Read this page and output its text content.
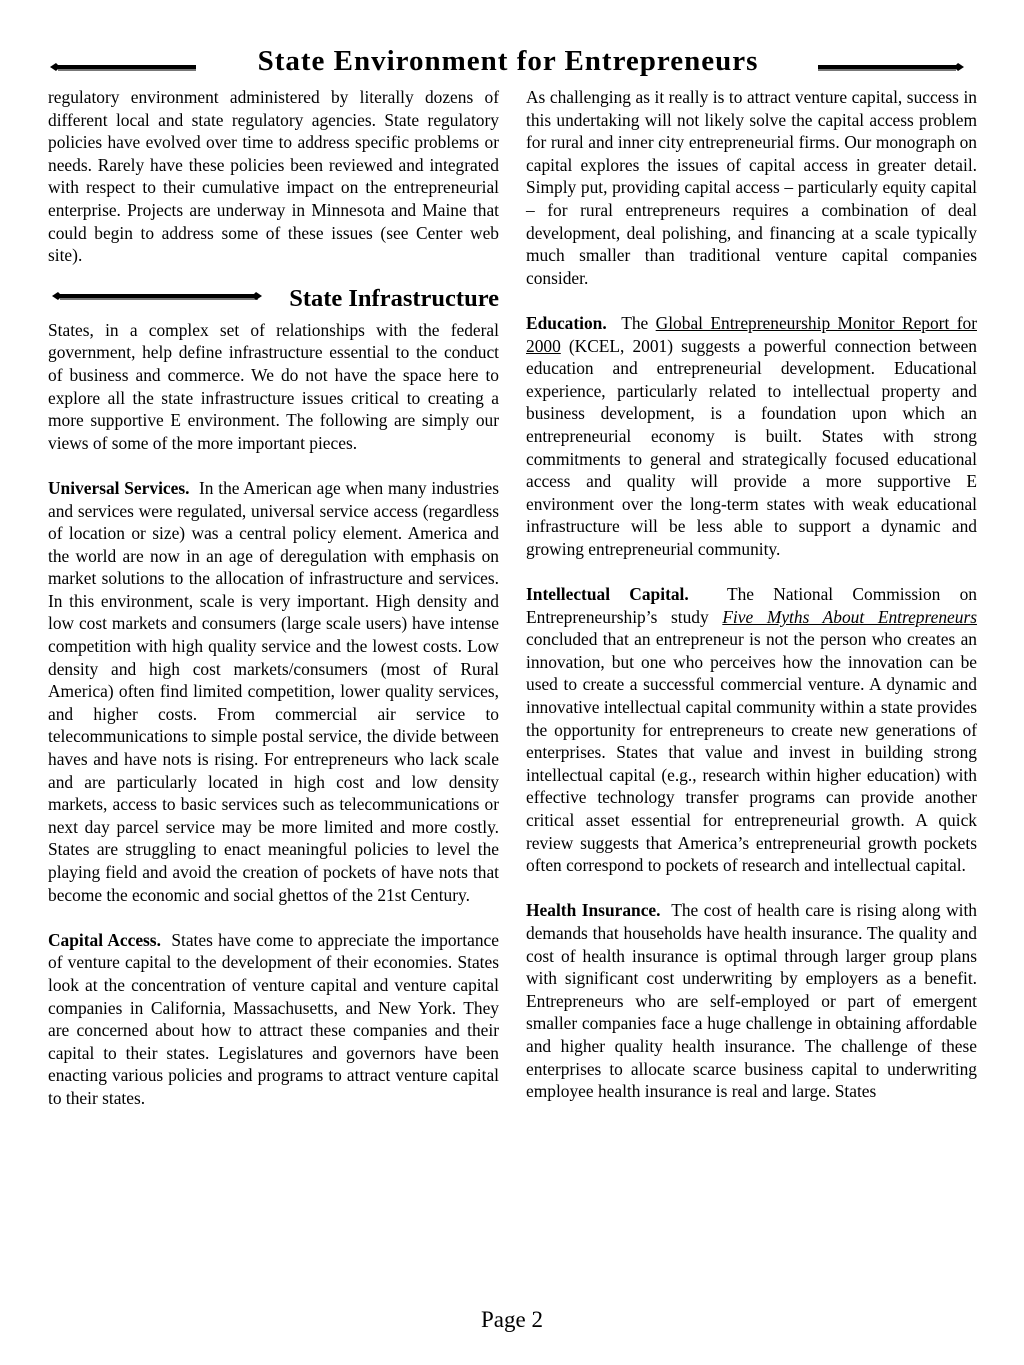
State Environment for Entrepreneurs

regulatory environment administered by literally dozens of different local and state regulatory agencies. State regulatory policies have evolved over time to address specific problems or needs. Rarely have these policies been reviewed and integrated with respect to their cumulative impact on the entrepreneurial enterprise. Projects are underway in Minnesota and Maine that could begin to address some of these issues (see Center web site).

State Infrastructure

States, in a complex set of relationships with the federal government, help define infrastructure essential to the conduct of business and commerce. We do not have the space here to explore all the state infrastructure issues critical to creating a more supportive E environment. The following are simply our views of some of the more important pieces.

Universal Services. In the American age when many industries and services were regulated, universal service access (regardless of location or size) was a central policy element. America and the world are now in an age of deregulation with emphasis on market solutions to the allocation of infrastructure and services. In this environment, scale is very important. High density and low cost markets and consumers (large scale users) have intense competition with high quality service and the lowest costs. Low density and high cost markets/consumers (most of Rural America) often find limited competition, lower quality services, and higher costs. From commercial air service to telecommunications to simple postal service, the divide between haves and have nots is rising. For entrepreneurs who lack scale and are particularly located in high cost and low density markets, access to basic services such as telecommunications or next day parcel service may be more limited and more costly. States are struggling to enact meaningful policies to level the playing field and avoid the creation of pockets of have nots that become the economic and social ghettos of the 21st Century.

Capital Access. States have come to appreciate the importance of venture capital to the development of their economies. States look at the concentration of venture capital and venture capital companies in California, Massachusetts, and New York. They are concerned about how to attract these companies and their capital to their states. Legislatures and governors have been enacting various policies and programs to attract venture capital to their states.

As challenging as it really is to attract venture capital, success in this undertaking will not likely solve the capital access problem for rural and inner city entrepreneurial firms. Our monograph on capital explores the issues of capital access in greater detail. Simply put, providing capital access – particularly equity capital – for rural entrepreneurs requires a combination of deal development, deal polishing, and financing at a scale typically much smaller than traditional venture capital companies consider.

Education. The Global Entrepreneurship Monitor Report for 2000 (KCEL, 2001) suggests a powerful connection between education and entrepreneurial development. Educational experience, particularly related to intellectual property and business development, is a foundation upon which an entrepreneurial economy is built. States with strong commitments to general and strategically focused educational access and quality will provide a more supportive E environment over the long-term states with weak educational infrastructure will be less able to support a dynamic and growing entrepreneurial community.

Intellectual Capital. The National Commission on Entrepreneurship’s study Five Myths About Entrepreneurs concluded that an entrepreneur is not the person who creates an innovation, but one who perceives how the innovation can be used to create a successful commercial venture. A dynamic and innovative intellectual capital community within a state provides the opportunity for entrepreneurs to create new generations of enterprises. States that value and invest in building strong intellectual capital (e.g., research within higher education) with effective technology transfer programs can provide another critical asset essential for entrepreneurial growth. A quick review suggests that America’s entrepreneurial growth pockets often correspond to pockets of research and intellectual capital.

Health Insurance. The cost of health care is rising along with demands that households have health insurance. The quality and cost of health insurance is optimal through larger group plans with significant cost underwriting by employers as a benefit. Entrepreneurs who are self-employed or part of emergent smaller companies face a huge challenge in obtaining affordable and higher quality health insurance. The challenge of these enterprises to allocate scarce business capital to underwriting employee health insurance is real and large. States

Page 2
